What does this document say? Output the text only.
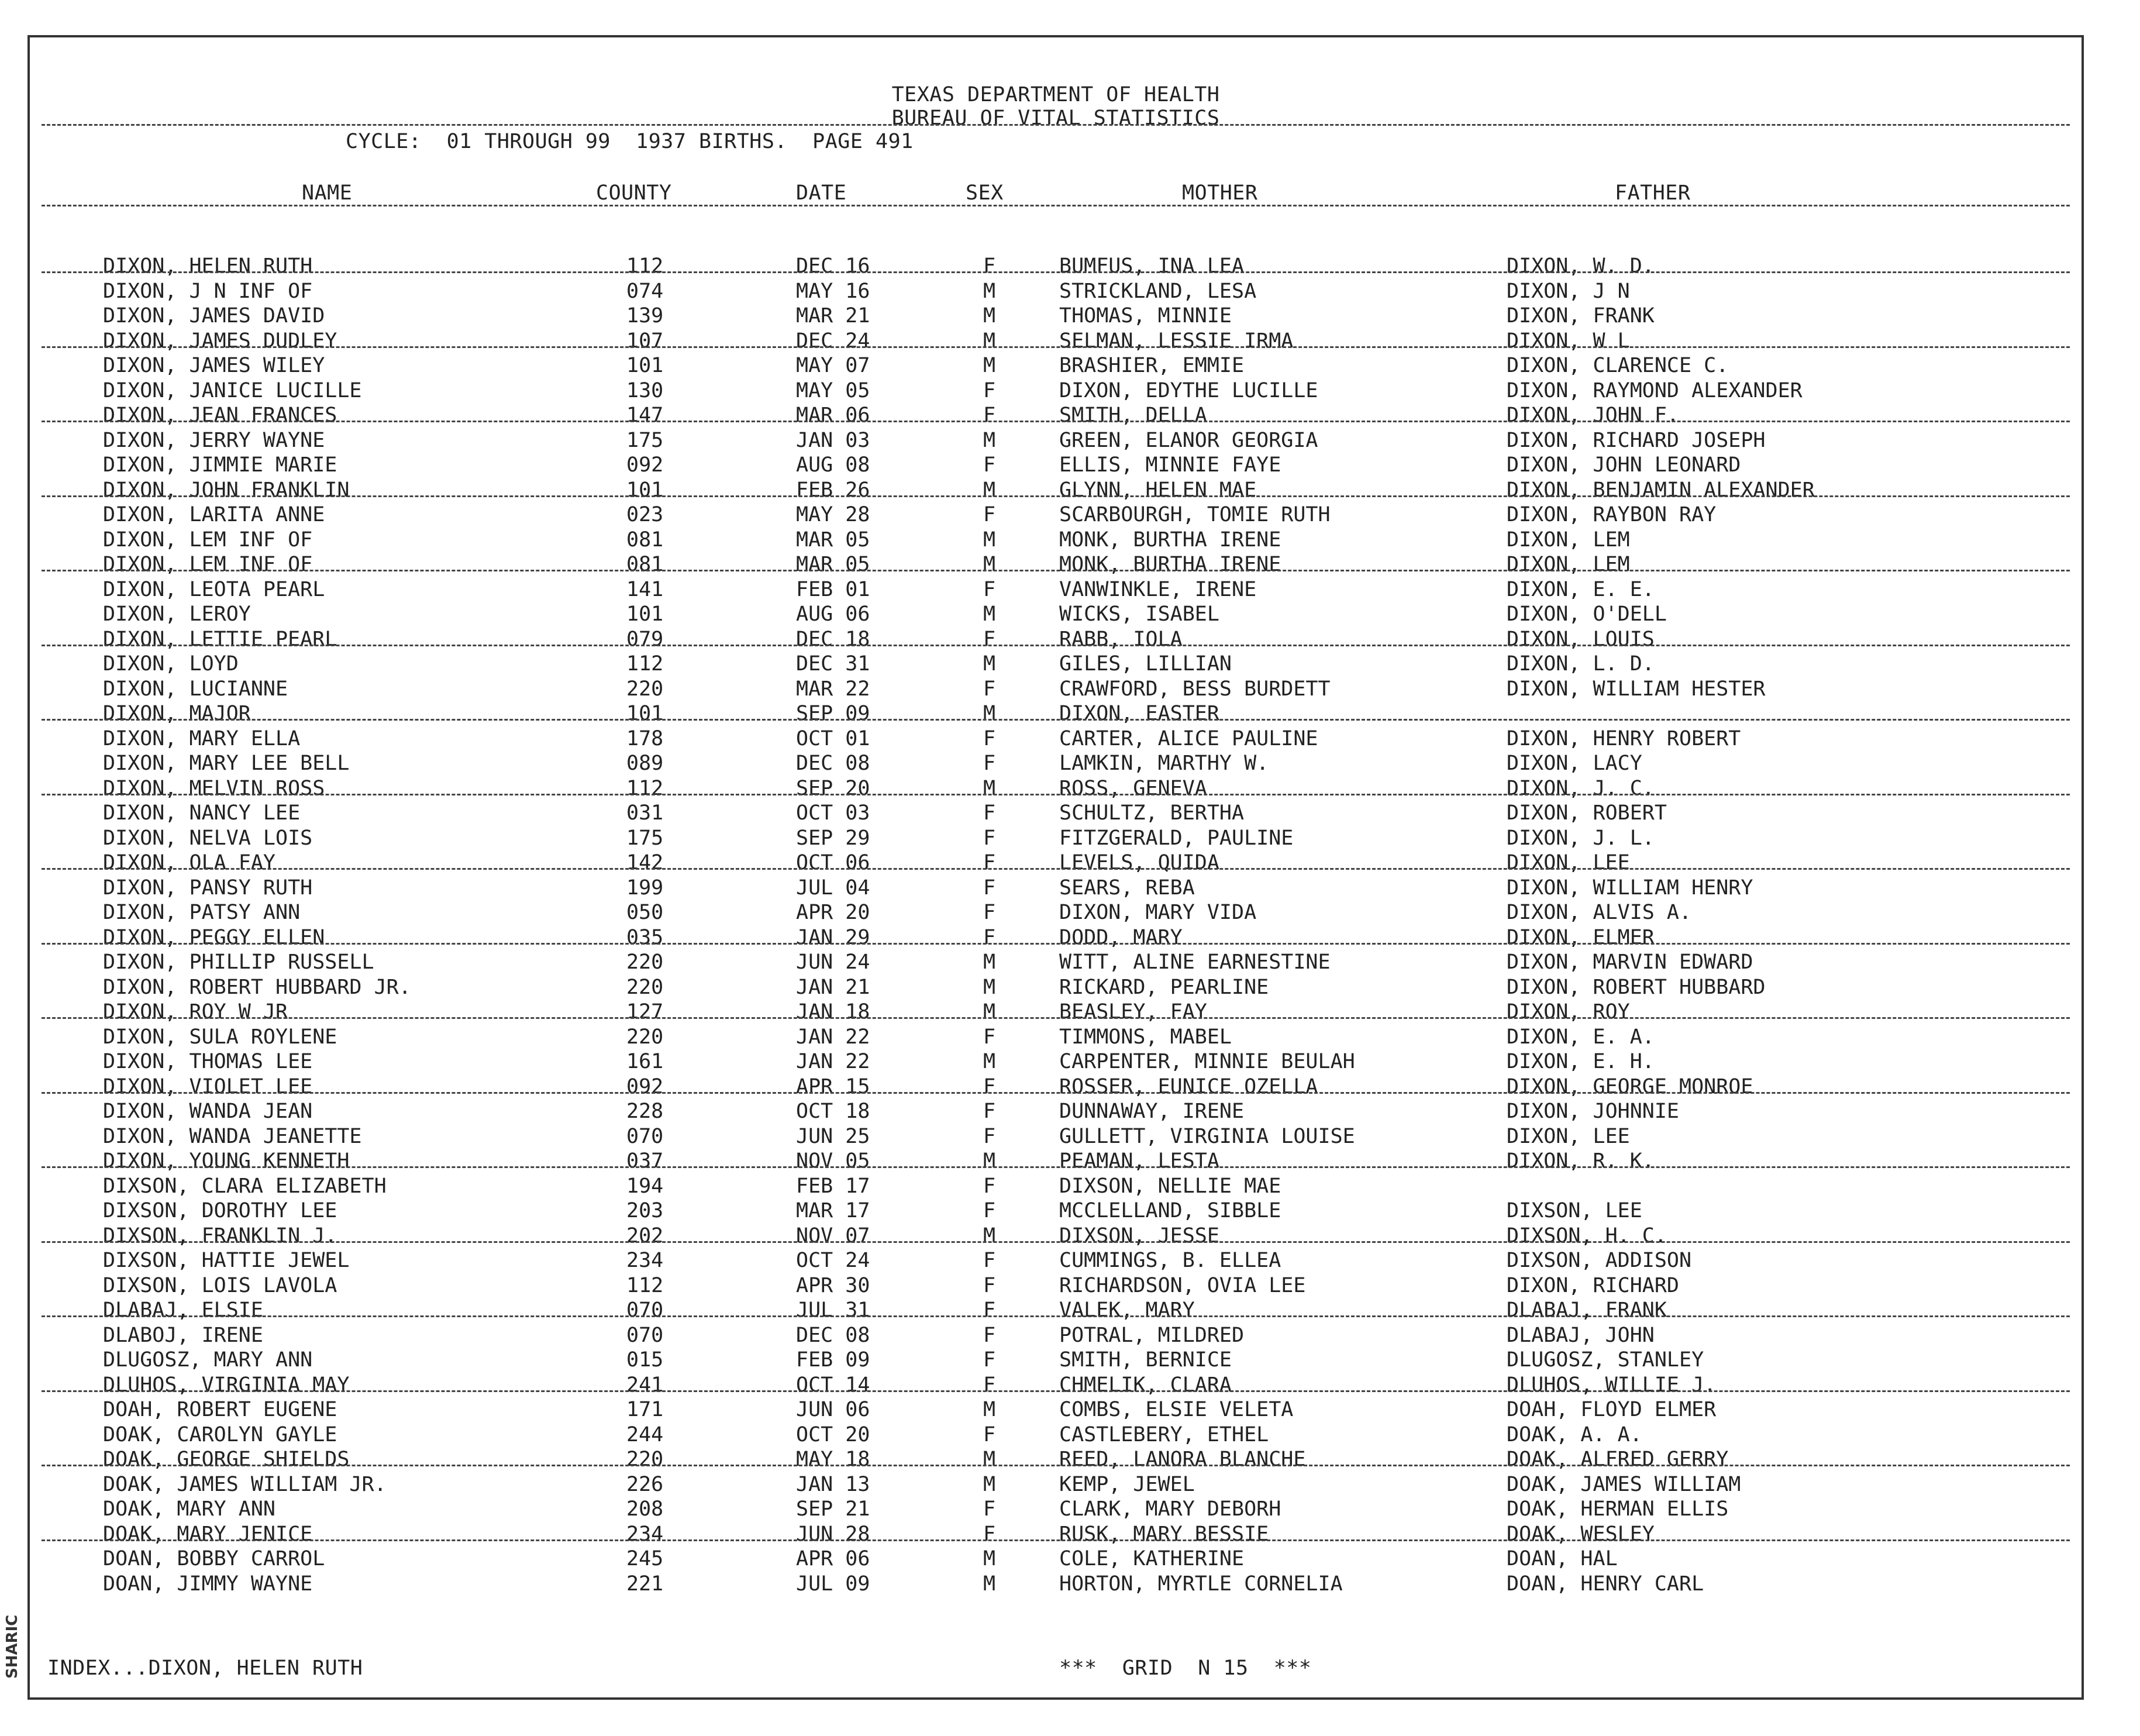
TEXAS DEPARTMENT OF HEALTH
BUREAU OF VITAL STATISTICS
CYCLE:  01 THROUGH 99  1937 BIRTHS.  PAGE 491
NAME	COUNTY	DATE	SEX	MOTHER	FATHER
DIXON, HELEN RUTH	112	DEC 16	F	BUMFUS, INA LEA	DIXON, W. D.
DIXON, J N INF OF	074	MAY 16	M	STRICKLAND, LESA	DIXON, J N
DIXON, JAMES DAVID	139	MAR 21	M	THOMAS, MINNIE	DIXON, FRANK
DIXON, JAMES DUDLEY	107	DEC 24	M	SELMAN, LESSIE IRMA	DIXON, W L
DIXON, JAMES WILEY	101	MAY 07	M	BRASHIER, EMMIE	DIXON, CLARENCE C.
DIXON, JANICE LUCILLE	130	MAY 05	F	DIXON, EDYTHE LUCILLE	DIXON, RAYMOND ALEXANDER
DIXON, JEAN FRANCES	147	MAR 06	F	SMITH, DELLA	DIXON, JOHN F.
DIXON, JERRY WAYNE	175	JAN 03	M	GREEN, ELANOR GEORGIA	DIXON, RICHARD JOSEPH
DIXON, JIMMIE MARIE	092	AUG 08	F	ELLIS, MINNIE FAYE	DIXON, JOHN LEONARD
DIXON, JOHN FRANKLIN	101	FEB 26	M	GLYNN, HELEN MAE	DIXON, BENJAMIN ALEXANDER
DIXON, LARITA ANNE	023	MAY 28	F	SCARBOURGH, TOMIE RUTH	DIXON, RAYBON RAY
DIXON, LEM INF OF	081	MAR 05	M	MONK, BURTHA IRENE	DIXON, LEM
DIXON, LEM INF OF	081	MAR 05	M	MONK, BURTHA IRENE	DIXON, LEM
DIXON, LEOTA PEARL	141	FEB 01	F	VANWINKLE, IRENE	DIXON, E. E.
DIXON, LEROY	101	AUG 06	M	WICKS, ISABEL	DIXON, O'DELL
DIXON, LETTIE PEARL	079	DEC 18	F	RABB, IOLA	DIXON, LOUIS
DIXON, LOYD	112	DEC 31	M	GILES, LILLIAN	DIXON, L. D.
DIXON, LUCIANNE	220	MAR 22	F	CRAWFORD, BESS BURDETT	DIXON, WILLIAM HESTER
DIXON, MAJOR	101	SEP 09	M	DIXON, EASTER
DIXON, MARY ELLA	178	OCT 01	F	CARTER, ALICE PAULINE	DIXON, HENRY ROBERT
DIXON, MARY LEE BELL	089	DEC 08	F	LAMKIN, MARTHY W.	DIXON, LACY
DIXON, MELVIN ROSS	112	SEP 20	M	ROSS, GENEVA	DIXON, J. C.
DIXON, NANCY LEE	031	OCT 03	F	SCHULTZ, BERTHA	DIXON, ROBERT
DIXON, NELVA LOIS	175	SEP 29	F	FITZGERALD, PAULINE	DIXON, J. L.
DIXON, OLA FAY	142	OCT 06	F	LEVELS, QUIDA	DIXON, LEE
DIXON, PANSY RUTH	199	JUL 04	F	SEARS, REBA	DIXON, WILLIAM HENRY
DIXON, PATSY ANN	050	APR 20	F	DIXON, MARY VIDA	DIXON, ALVIS A.
DIXON, PEGGY ELLEN	035	JAN 29	F	DODD, MARY	DIXON, ELMER
DIXON, PHILLIP RUSSELL	220	JUN 24	M	WITT, ALINE EARNESTINE	DIXON, MARVIN EDWARD
DIXON, ROBERT HUBBARD JR.	220	JAN 21	M	RICKARD, PEARLINE	DIXON, ROBERT HUBBARD
DIXON, ROY W JR	127	JAN 18	M	BEASLEY, FAY	DIXON, ROY
DIXON, SULA ROYLENE	220	JAN 22	F	TIMMONS, MABEL	DIXON, E. A.
DIXON, THOMAS LEE	161	JAN 22	M	CARPENTER, MINNIE BEULAH	DIXON, E. H.
DIXON, VIOLET LEE	092	APR 15	F	ROSSER, EUNICE OZELLA	DIXON, GEORGE MONROE
DIXON, WANDA JEAN	228	OCT 18	F	DUNNAWAY, IRENE	DIXON, JOHNNIE
DIXON, WANDA JEANETTE	070	JUN 25	F	GULLETT, VIRGINIA LOUISE	DIXON, LEE
DIXON, YOUNG KENNETH	037	NOV 05	M	PEAMAN, LESTA	DIXON, R. K.
DIXSON, CLARA ELIZABETH	194	FEB 17	F	DIXSON, NELLIE MAE
DIXSON, DOROTHY LEE	203	MAR 17	F	MCCLELLAND, SIBBLE	DIXSON, LEE
DIXSON, FRANKLIN J.	202	NOV 07	M	DIXSON, JESSE	DIXSON, H. C.
DIXSON, HATTIE JEWEL	234	OCT 24	F	CUMMINGS, B. ELLEA	DIXSON, ADDISON
DIXSON, LOIS LAVOLA	112	APR 30	F	RICHARDSON, OVIA LEE	DIXON, RICHARD
DLABAJ, ELSIE	070	JUL 31	F	VALEK, MARY	DLABAJ, FRANK
DLABOJ, IRENE	070	DEC 08	F	POTRAL, MILDRED	DLABAJ, JOHN
DLUGOSZ, MARY ANN	015	FEB 09	F	SMITH, BERNICE	DLUGOSZ, STANLEY
DLUHOS, VIRGINIA MAY	241	OCT 14	F	CHMELIK, CLARA	DLUHOS, WILLIE J.
DOAH, ROBERT EUGENE	171	JUN 06	M	COMBS, ELSIE VELETA	DOAH, FLOYD ELMER
DOAK, CAROLYN GAYLE	244	OCT 20	F	CASTLEBERY, ETHEL	DOAK, A. A.
DOAK, GEORGE SHIELDS	220	MAY 18	M	REED, LANORA BLANCHE	DOAK, ALFRED GERRY
DOAK, JAMES WILLIAM JR.	226	JAN 13	M	KEMP, JEWEL	DOAK, JAMES WILLIAM
DOAK, MARY ANN	208	SEP 21	F	CLARK, MARY DEBORH	DOAK, HERMAN ELLIS
DOAK, MARY JENICE	234	JUN 28	F	RUSK, MARY BESSIE	DOAK, WESLEY
DOAN, BOBBY CARROL	245	APR 06	M	COLE, KATHERINE	DOAN, HAL
DOAN, JIMMY WAYNE	221	JUL 09	M	HORTON, MYRTLE CORNELIA	DOAN, HENRY CARL
INDEX...DIXON, HELEN RUTH	***  GRID  N 15  ***
SHARIC
